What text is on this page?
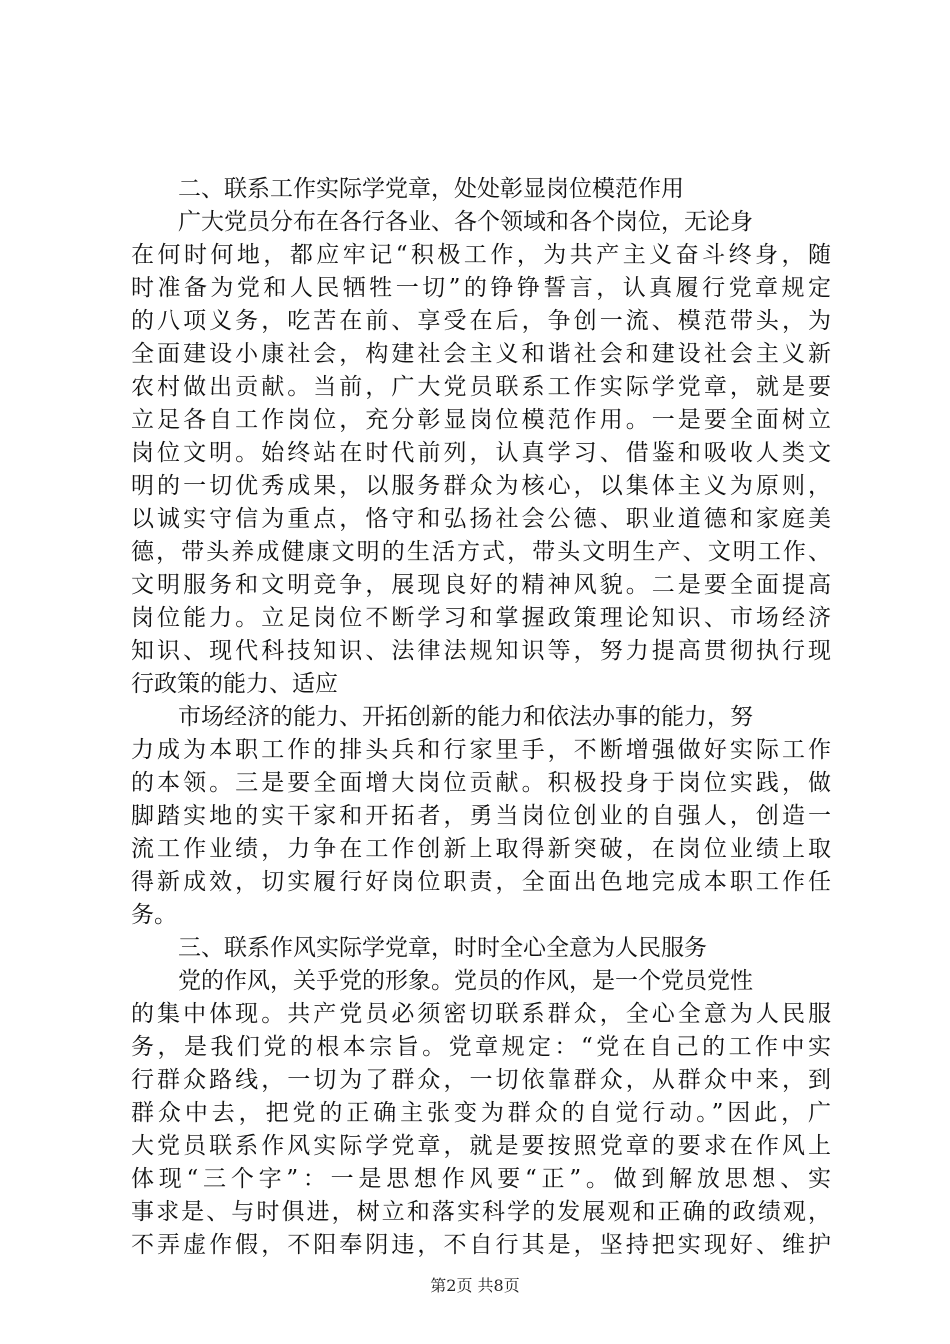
二、联系工作实际学党章，处处彰显岗位模范作用
广大党员分布在各行各业、各个领域和各个岗位，无论身
在何时何地，都应牢记“积极工作，为共产主义奋斗终身，随
时准备为党和人民牺牲一切”的铮铮誓言，认真履行党章规定
的八项义务，吃苦在前、享受在后，争创一流、模范带头，为
全面建设小康社会，构建社会主义和谐社会和建设社会主义新
农村做出贡献。当前，广大党员联系工作实际学党章，就是要
立足各自工作岗位，充分彰显岗位模范作用。一是要全面树立
岗位文明。始终站在时代前列，认真学习、借鉴和吸收人类文
明的一切优秀成果，以服务群众为核心，以集体主义为原则，
以诚实守信为重点，恪守和弘扬社会公德、职业道德和家庭美
德，带头养成健康文明的生活方式，带头文明生产、文明工作、
文明服务和文明竞争，展现良好的精神风貌。二是要全面提高
岗位能力。立足岗位不断学习和掌握政策理论知识、市场经济
知识、现代科技知识、法律法规知识等，努力提高贯彻执行现
行政策的能力、适应
市场经济的能力、开拓创新的能力和依法办事的能力，努
力成为本职工作的排头兵和行家里手，不断增强做好实际工作
的本领。三是要全面增大岗位贡献。积极投身于岗位实践，做
脚踏实地的实干家和开拓者，勇当岗位创业的自强人，创造一
流工作业绩，力争在工作创新上取得新突破，在岗位业绩上取
得新成效，切实履行好岗位职责，全面出色地完成本职工作任
务。
三、联系作风实际学党章，时时全心全意为人民服务
党的作风，关乎党的形象。党员的作风，是一个党员党性
的集中体现。共产党员必须密切联系群众，全心全意为人民服
务，是我们党的根本宗旨。党章规定：“党在自己的工作中实
行群众路线，一切为了群众，一切依靠群众，从群众中来，到
群众中去，把党的正确主张变为群众的自觉行动。”因此，广
大党员联系作风实际学党章，就是要按照党章的要求在作风上
体现“三个字”：一是思想作风要“正”。做到解放思想、实
事求是、与时俱进，树立和落实科学的发展观和正确的政绩观，
不弄虚作假，不阳奉阴违，不自行其是，坚持把实现好、维护
第2页 共8页
